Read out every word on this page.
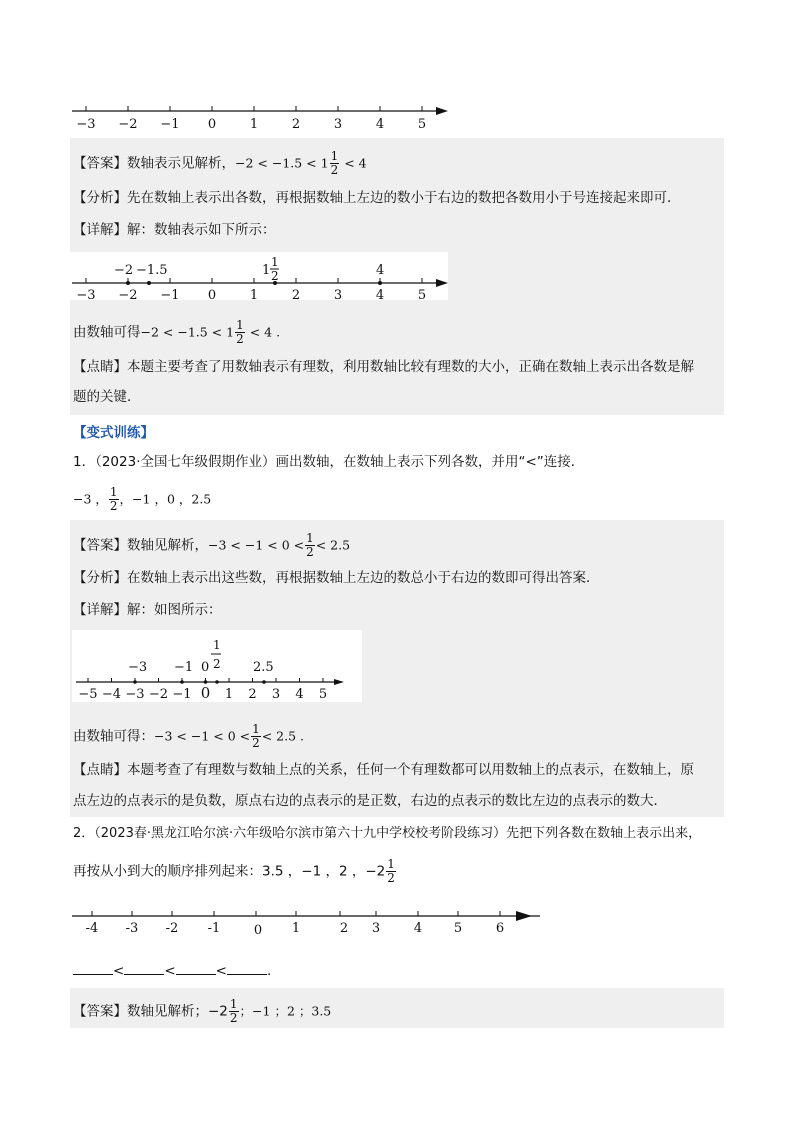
−3 −2 −1 0	1	2	3	4	5
【答案】数轴表示见解析，$-2 < -1.5 < 1 \frac{1}{2} < 4$
【分析】先在数轴上表示出各数，再根据数轴上左边的数小于右边的数把各数用小于号连接起来即可．
【详解】解：数轴表示如下所示：
−2 −1.5	1
1
2	4
−3 −2 −1 0	1	2	3	4	5
由数轴可得$-2 < -1.5 < 1 \frac{1}{2} < 4$ .
【点睛】本题主要考查了用数轴表示有理数，利用数轴比较有理数的大小，正确在数轴上表示出各数是解
题的关键．
【变式训练】
1．（2023·全国七年级假期作业）画出数轴，在数轴上表示下列各数，并用“<”连接．
−3 ， $\frac{1}{2}$ ，−1 ，0 ，2.5
【答案】数轴见解析，$-3 < -1 < 0 < \frac{1}{2} < 2.5$
【分析】在数轴上表示出这些数，再根据数轴上左边的数总小于右边的数即可得出答案．
【详解】解：如图所示：
−3 −1 0
1
2 2.5
−5 −4 −3 −2 −1 0 1 2 3 4 5
由数轴可得：$-3 < -1 < 0 < \frac{1}{2} < 2.5$ .
【点睛】本题考查了有理数与数轴上点的关系，任何一个有理数都可以用数轴上的点表示，在数轴上，原
点左边的点表示的是负数，原点右边的点表示的是正数，右边的点表示的数比左边的点表示的数大．
2．（2023春·黑龙江哈尔滨·六年级哈尔滨市第六十九中学校校考阶段练习）先把下列各数在数轴上表示出来，
再按从小到大的顺序排列起来：3.5 ，−1 ，2 ，$-2 \frac{1}{2}$
-4 -3 -2 -1	0 1	2 3	4 5	6
<	<	<	.
【答案】数轴见解析；$-2 \frac{1}{2}$ ；−1 ；2 ；3.5
